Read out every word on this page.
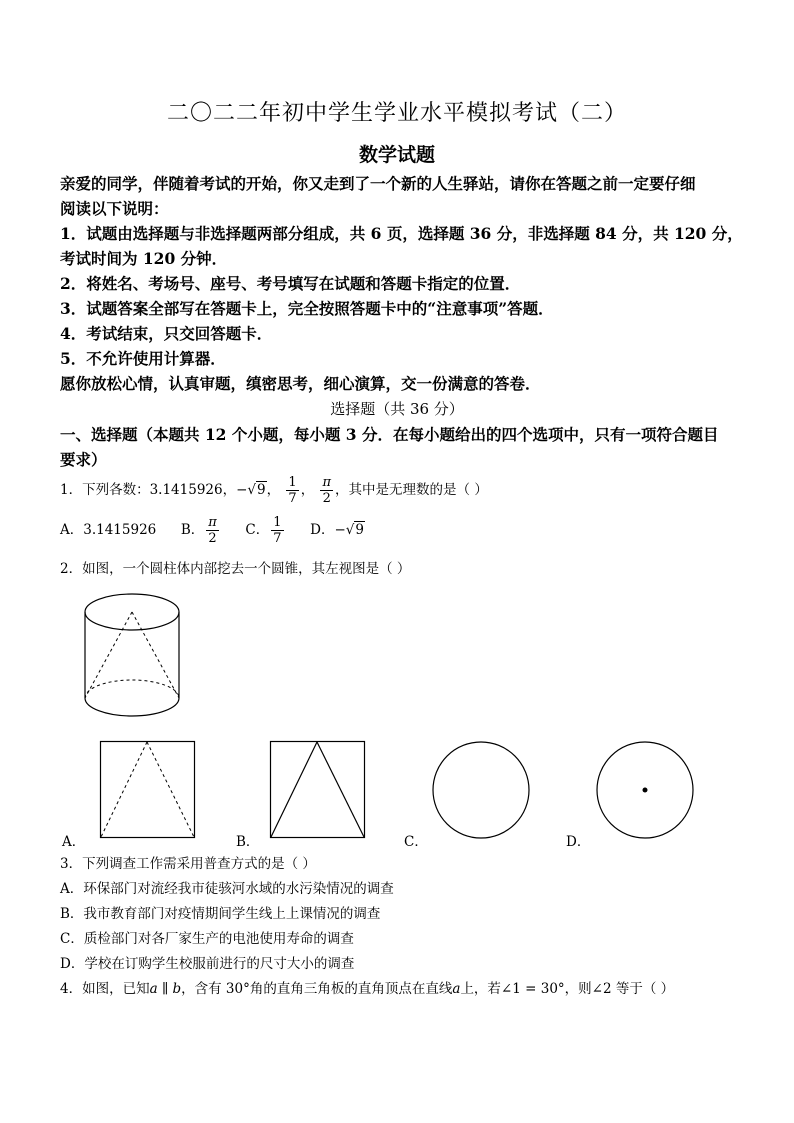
二〇二二年初中学生学业水平模拟考试（二）
数学试题
亲爱的同学，伴随着考试的开始，你又走到了一个新的人生驿站，请你在答题之前一定要仔细
阅读以下说明：
1．试题由选择题与非选择题两部分组成，共 6 页，选择题 36 分，非选择题 84 分，共 120 分，
考试时间为 120 分钟．
2．将姓名、考场号、座号、考号填写在试题和答题卡指定的位置．
3．试题答案全部写在答题卡上，完全按照答题卡中的“注意事项”答题．
4．考试结束，只交回答题卡．
5．不允许使用计算器．
愿你放松心情，认真审题，缜密思考，细心演算，交一份满意的答卷．
选择题（共 36 分）
一、选择题（本题共 12 个小题，每小题 3 分．在每小题给出的四个选项中，只有一项符合题目
要求）
1．下列各数：3.1415926，−√9， $\frac{1}{7}$ ， $\frac{\pi}{2}$ ，其中是无理数的是（ ）
A．3.1415926 B． $\frac{\pi}{2}$ C． $\frac{1}{7}$ D．−√9
2．如图，一个圆柱体内部挖去一个圆锥，其左视图是（ ）
A．	B．	C．	D．
3．下列调查工作需采用普查方式的是（ ）
A．环保部门对流经我市徒骇河水域的水污染情况的调查
B．我市教育部门对疫情期间学生线上上课情况的调查
C．质检部门对各厂家生产的电池使用寿命的调查
D．学校在订购学生校服前进行的尺寸大小的调查
4．如图，已知a ∥ b，含有 30°角的直角三角板的直角顶点在直线a上，若∠1 = 30°，则∠2 等于（ ）
